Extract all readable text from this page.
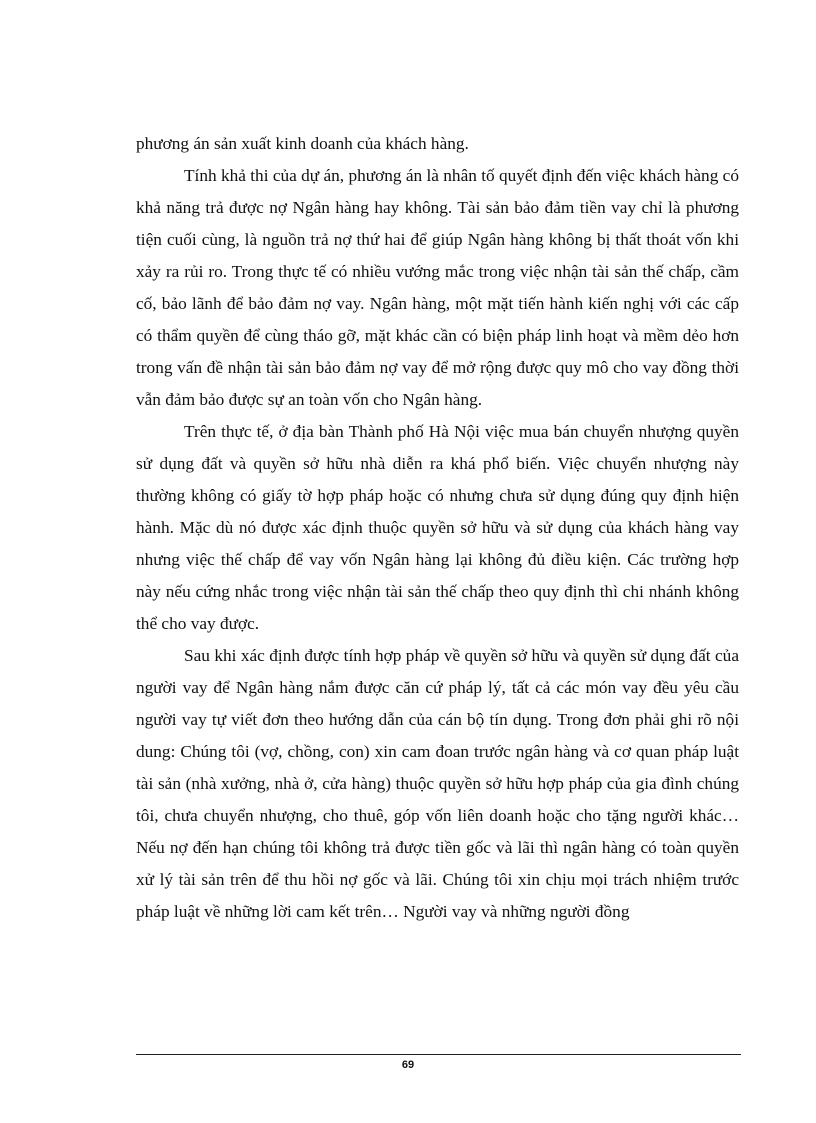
phương án sản xuất kinh doanh của khách hàng.

Tính khả thi của dự án, phương án là nhân tố quyết định đến việc khách hàng có khả năng trả được nợ Ngân hàng hay không. Tài sản bảo đảm tiền vay chỉ là phương tiện cuối cùng, là nguồn trả nợ thứ hai để giúp Ngân hàng không bị thất thoát vốn khi xảy ra rủi ro. Trong thực tế có nhiều vướng mắc trong việc nhận tài sản thế chấp, cầm cố, bảo lãnh để bảo đảm nợ vay. Ngân hàng, một mặt tiến hành kiến nghị với các cấp có thẩm quyền để cùng tháo gỡ, mặt khác cần có biện pháp linh hoạt và mềm dẻo hơn trong vấn đề nhận tài sản bảo đảm nợ vay để mở rộng được quy mô cho vay đồng thời vẫn đảm bảo được sự an toàn vốn cho Ngân hàng.

Trên thực tế, ở địa bàn Thành phố Hà Nội việc mua bán chuyển nhượng quyền sử dụng đất và quyền sở hữu nhà diễn ra khá phổ biến. Việc chuyển nhượng này thường không có giấy tờ hợp pháp hoặc có nhưng chưa sử dụng đúng quy định hiện hành. Mặc dù nó được xác định thuộc quyền sở hữu và sử dụng của khách hàng vay nhưng việc thế chấp để vay vốn Ngân hàng lại không đủ điều kiện. Các trường hợp này nếu cứng nhắc trong việc nhận tài sản thế chấp theo quy định thì chi nhánh không thể cho vay được.

Sau khi xác định được tính hợp pháp về quyền sở hữu và quyền sử dụng đất của người vay để Ngân hàng nắm được căn cứ pháp lý, tất cả các món vay đều yêu cầu người vay tự viết đơn theo hướng dẫn của cán bộ tín dụng. Trong đơn phải ghi rõ nội dung: Chúng tôi (vợ, chồng, con) xin cam đoan trước ngân hàng và cơ quan pháp luật tài sản (nhà xưởng, nhà ở, cửa hàng) thuộc quyền sở hữu hợp pháp của gia đình chúng tôi, chưa chuyển nhượng, cho thuê, góp vốn liên doanh hoặc cho tặng người khác… Nếu nợ đến hạn chúng tôi không trả được tiền gốc và lãi thì ngân hàng có toàn quyền xử lý tài sản trên để thu hồi nợ gốc và lãi. Chúng tôi xin chịu mọi trách nhiệm trước pháp luật về những lời cam kết trên… Người vay và những người đồng

69
